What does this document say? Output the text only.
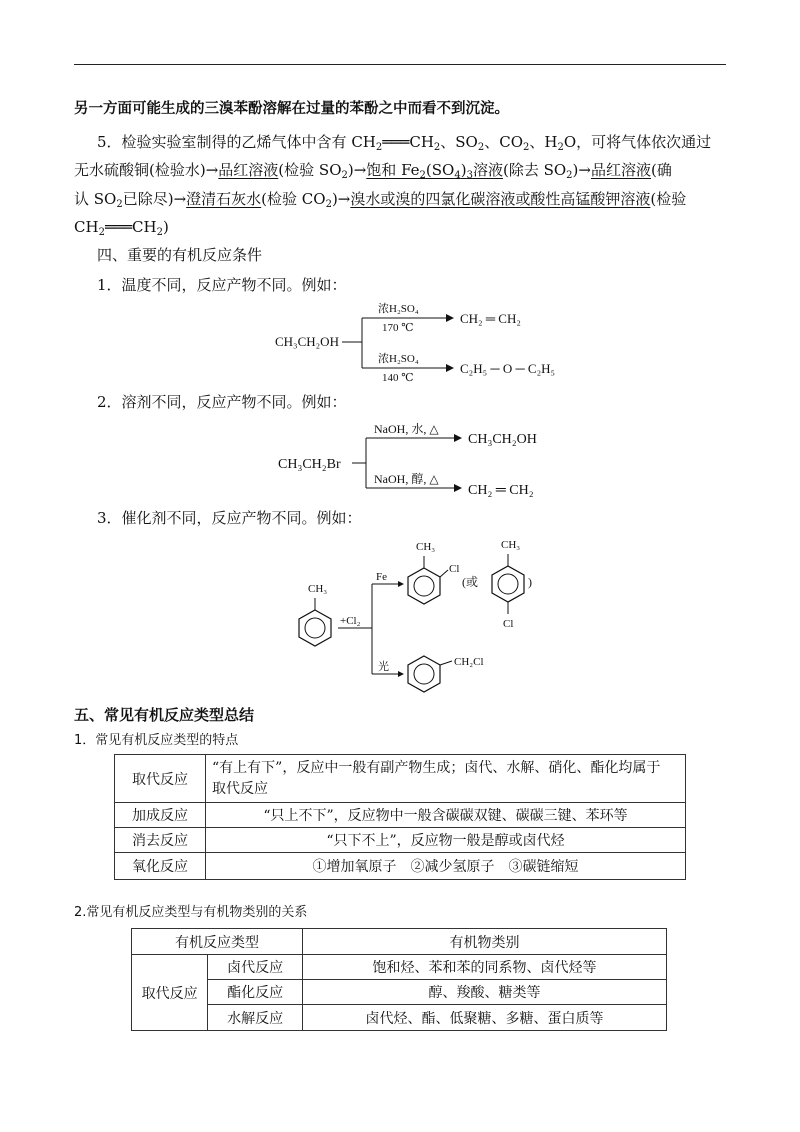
另一方面可能生成的三溴苯酚溶解在过量的苯酚之中而看不到沉淀。
5．检验实验室制得的乙烯气体中含有 $CH_2═══CH_2$、$SO_2$、$CO_2$、$H_2O$，可将气体依次通过
无水硫酸铜(检验水)→品红溶液(检验 $SO_2)\to$饱和 $Fe_2(SO_4)_3$溶液(除去 $SO_2)\to$品红溶液(确
认 $SO_2$已除尽)→澄清石灰水(检验 $CO_2)\to$溴水或溴的四氯化碳溶液或酸性高锰酸钾溶液(检验
$CH_2═══CH_2$)
四、重要的有机反应条件
1．温度不同，反应产物不同。例如：
CH₃CH₂OH
浓H₂SO₄
170 ℃
CH₂ ═ CH₂
浓H₂SO₄
140 ℃
C₂H₅ ─ O ─ C₂H₅
2．溶剂不同，反应产物不同。例如：
CH₃CH₂Br
NaOH, 水, △
CH₃CH₂OH
NaOH, 醇, △
CH₂ ═ CH₂
3．催化剂不同，反应产物不同。例如：
CH₃
+Cl₂
Fe
光
CH₃
Cl
(或
CH₃
Cl
)
CH₂Cl
五、常见有机反应类型总结
1．常见有机反应类型的特点
取代反应	“有上有下”，反应中一般有副产物生成；卤代、水解、硝化、酯化均属于
取代反应

加成反应	“只上不下”，反应物中一般含碳碳双键、碳碳三键、苯环等
消去反应	“只下不上”，反应物一般是醇或卤代烃
氧化反应	①增加氧原子　②减少氢原子　③碳链缩短
2.常见有机反应类型与有机物类别的关系
有机反应类型		有机物类别
取代反应	卤代反应	饱和烃、苯和苯的同系物、卤代烃等
	酯化反应	醇、羧酸、糖类等
	水解反应	卤代烃、酯、低聚糖、多糖、蛋白质等
